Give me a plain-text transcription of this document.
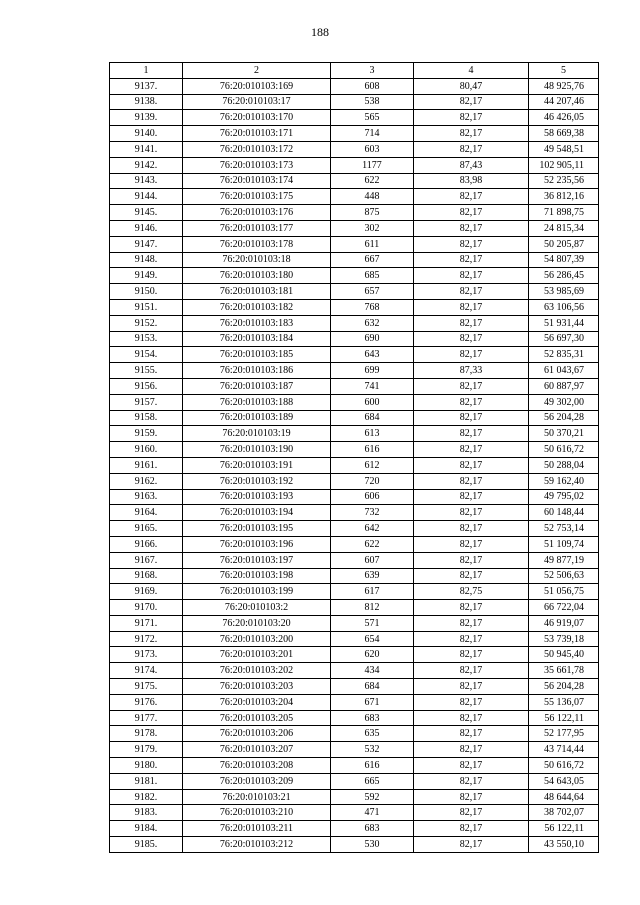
188
1	2	3	4	5
9137.	76:20:010103:169	608	80,47	48 925,76
9138.	76:20:010103:17	538	82,17	44 207,46
9139.	76:20:010103:170	565	82,17	46 426,05
9140.	76:20:010103:171	714	82,17	58 669,38
9141.	76:20:010103:172	603	82,17	49 548,51
9142.	76:20:010103:173	1177	87,43	102 905,11
9143.	76:20:010103:174	622	83,98	52 235,56
9144.	76:20:010103:175	448	82,17	36 812,16
9145.	76:20:010103:176	875	82,17	71 898,75
9146.	76:20:010103:177	302	82,17	24 815,34
9147.	76:20:010103:178	611	82,17	50 205,87
9148.	76:20:010103:18	667	82,17	54 807,39
9149.	76:20:010103:180	685	82,17	56 286,45
9150.	76:20:010103:181	657	82,17	53 985,69
9151.	76:20:010103:182	768	82,17	63 106,56
9152.	76:20:010103:183	632	82,17	51 931,44
9153.	76:20:010103:184	690	82,17	56 697,30
9154.	76:20:010103:185	643	82,17	52 835,31
9155.	76:20:010103:186	699	87,33	61 043,67
9156.	76:20:010103:187	741	82,17	60 887,97
9157.	76:20:010103:188	600	82,17	49 302,00
9158.	76:20:010103:189	684	82,17	56 204,28
9159.	76:20:010103:19	613	82,17	50 370,21
9160.	76:20:010103:190	616	82,17	50 616,72
9161.	76:20:010103:191	612	82,17	50 288,04
9162.	76:20:010103:192	720	82,17	59 162,40
9163.	76:20:010103:193	606	82,17	49 795,02
9164.	76:20:010103:194	732	82,17	60 148,44
9165.	76:20:010103:195	642	82,17	52 753,14
9166.	76:20:010103:196	622	82,17	51 109,74
9167.	76:20:010103:197	607	82,17	49 877,19
9168.	76:20:010103:198	639	82,17	52 506,63
9169.	76:20:010103:199	617	82,75	51 056,75
9170.	76:20:010103:2	812	82,17	66 722,04
9171.	76:20:010103:20	571	82,17	46 919,07
9172.	76:20:010103:200	654	82,17	53 739,18
9173.	76:20:010103:201	620	82,17	50 945,40
9174.	76:20:010103:202	434	82,17	35 661,78
9175.	76:20:010103:203	684	82,17	56 204,28
9176.	76:20:010103:204	671	82,17	55 136,07
9177.	76:20:010103:205	683	82,17	56 122,11
9178.	76:20:010103:206	635	82,17	52 177,95
9179.	76:20:010103:207	532	82,17	43 714,44
9180.	76:20:010103:208	616	82,17	50 616,72
9181.	76:20:010103:209	665	82,17	54 643,05
9182.	76:20:010103:21	592	82,17	48 644,64
9183.	76:20:010103:210	471	82,17	38 702,07
9184.	76:20:010103:211	683	82,17	56 122,11
9185.	76:20:010103:212	530	82,17	43 550,10
